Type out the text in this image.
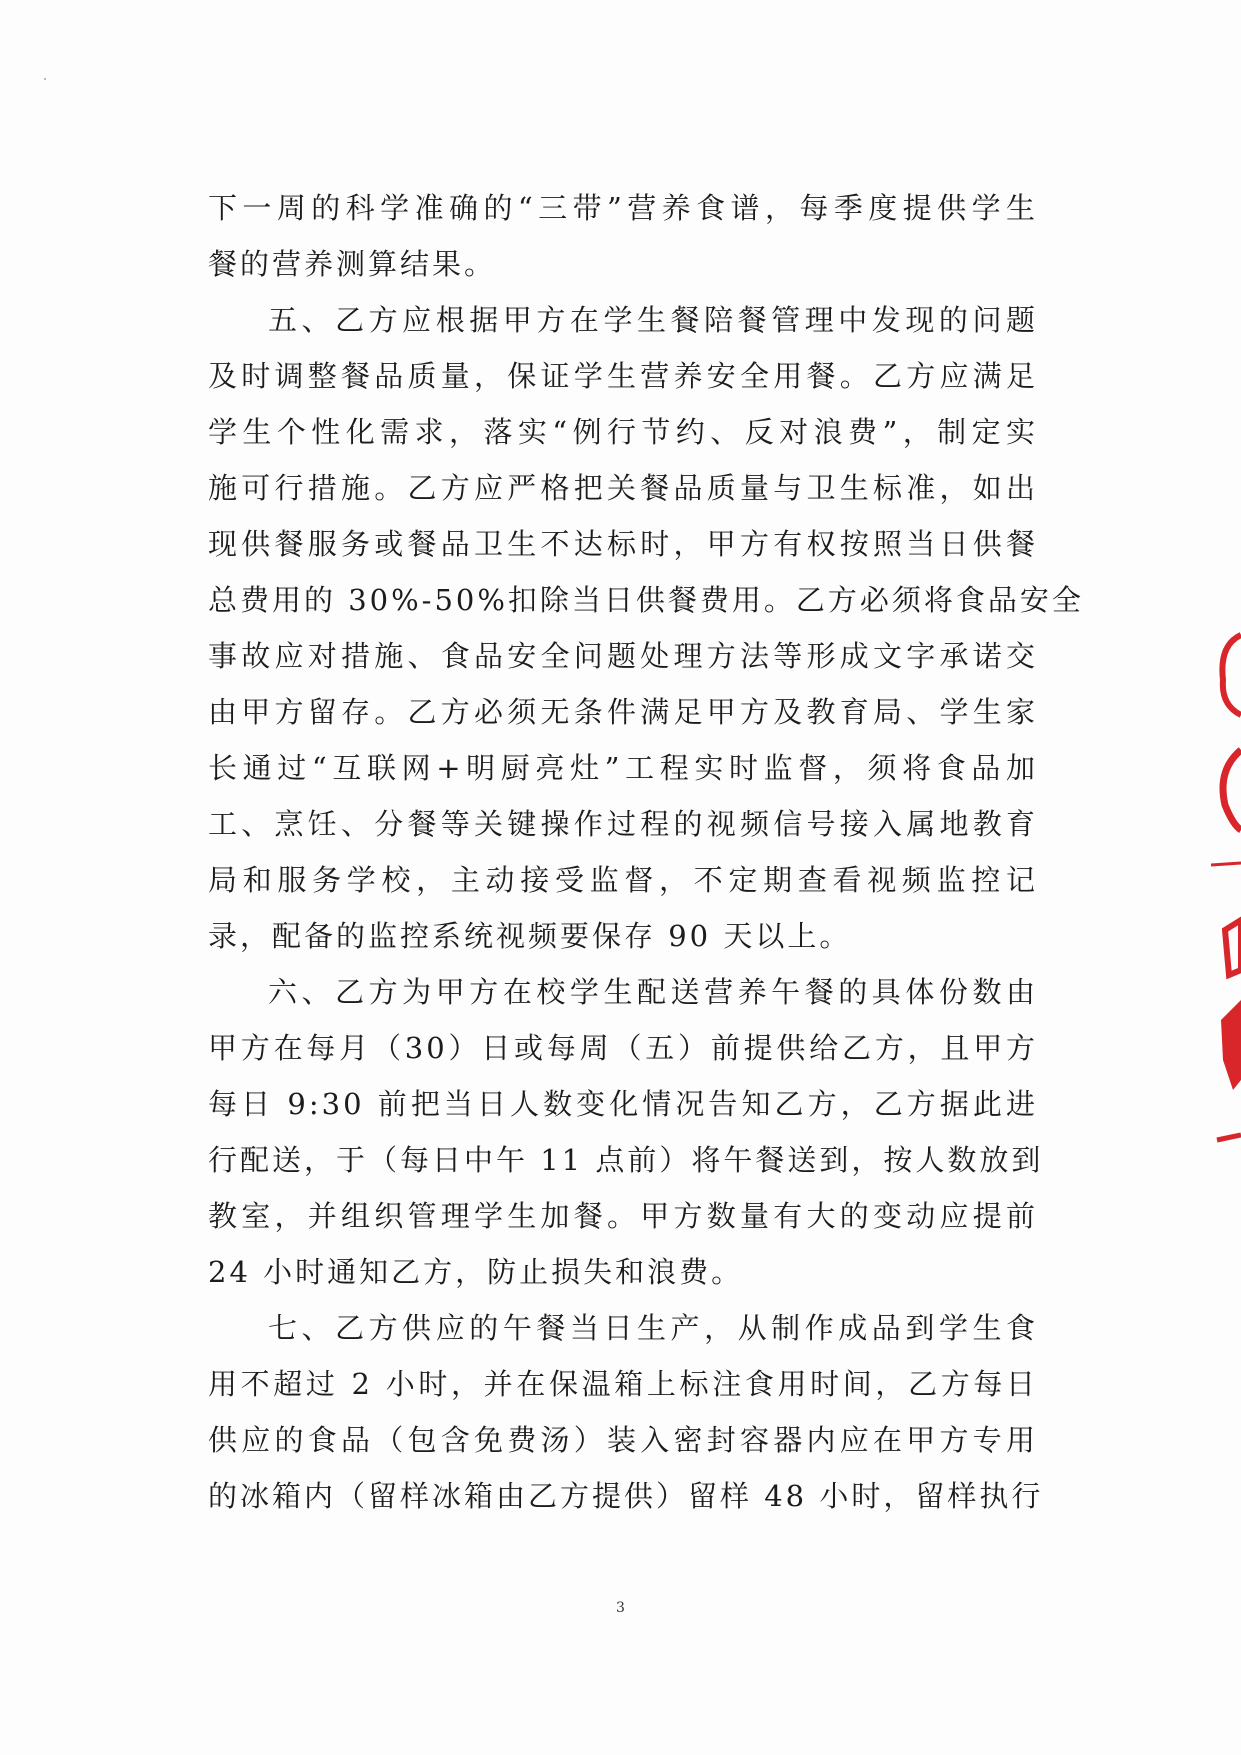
下一周的科学准确的“三带”营养食谱，每季度提供学生
餐的营养测算结果。
五、乙方应根据甲方在学生餐陪餐管理中发现的问题
及时调整餐品质量，保证学生营养安全用餐。乙方应满足
学生个性化需求，落实“例行节约、反对浪费”，制定实
施可行措施。乙方应严格把关餐品质量与卫生标准，如出
现供餐服务或餐品卫生不达标时，甲方有权按照当日供餐
总费用的 30%-50%扣除当日供餐费用。乙方必须将食品安全
事故应对措施、食品安全问题处理方法等形成文字承诺交
由甲方留存。乙方必须无条件满足甲方及教育局、学生家
长通过“互联网+明厨亮灶”工程实时监督，须将食品加
工、烹饪、分餐等关键操作过程的视频信号接入属地教育
局和服务学校，主动接受监督，不定期查看视频监控记
录，配备的监控系统视频要保存 90 天以上。
六、乙方为甲方在校学生配送营养午餐的具体份数由
甲方在每月（30）日或每周（五）前提供给乙方，且甲方
每日 9:30 前把当日人数变化情况告知乙方，乙方据此进
行配送，于（每日中午 11 点前）将午餐送到，按人数放到
教室，并组织管理学生加餐。甲方数量有大的变动应提前
24 小时通知乙方，防止损失和浪费。
七、乙方供应的午餐当日生产，从制作成品到学生食
用不超过 2 小时，并在保温箱上标注食用时间，乙方每日
供应的食品（包含免费汤）装入密封容器内应在甲方专用
的冰箱内（留样冰箱由乙方提供）留样 48 小时，留样执行
3
